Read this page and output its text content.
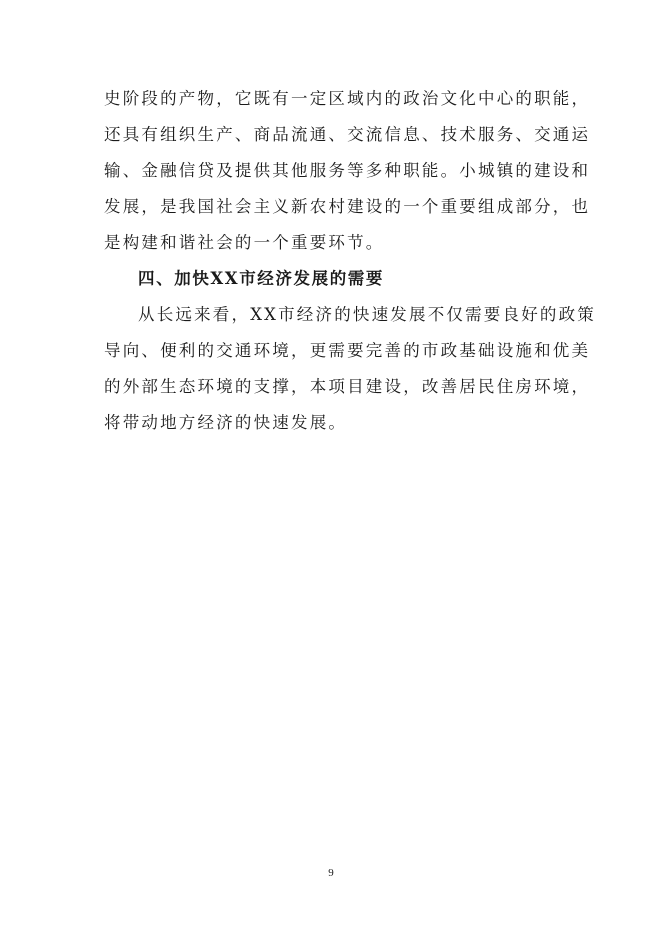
史阶段的产物，它既有一定区域内的政治文化中心的职能，
还具有组织生产、商品流通、交流信息、技术服务、交通运
输、金融信贷及提供其他服务等多种职能。小城镇的建设和
发展，是我国社会主义新农村建设的一个重要组成部分，也
是构建和谐社会的一个重要环节。
四、加快XX市经济发展的需要
从长远来看，XX市经济的快速发展不仅需要良好的政策
导向、便利的交通环境，更需要完善的市政基础设施和优美
的外部生态环境的支撑，本项目建设，改善居民住房环境，
将带动地方经济的快速发展。
9
